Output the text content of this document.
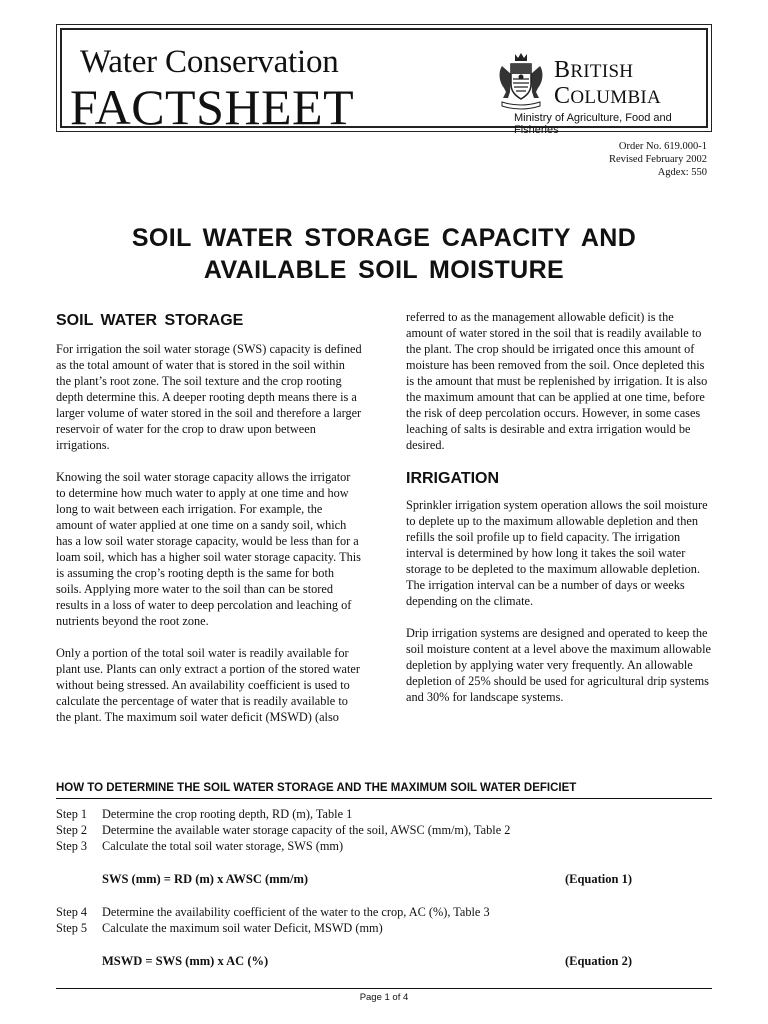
Water Conservation
FACTSHEET
BRITISH
COLUMBIA
Ministry of Agriculture, Food and Fisheries
Order No. 619.000-1
Revised February 2002
Agdex: 550
SOIL WATER STORAGE CAPACITY AND
AVAILABLE SOIL MOISTURE
SOIL WATER STORAGE

For irrigation the soil water storage (SWS) capacity is defined as the total amount of water that is stored in the soil within the plant’s root zone. The soil texture and the crop rooting depth determine this. A deeper rooting depth means there is a larger volume of water stored in the soil and therefore a larger reservoir of water for the crop to draw upon between irrigations.

Knowing the soil water storage capacity allows the irrigator to determine how much water to apply at one time and how long to wait between each irrigation. For example, the amount of water applied at one time on a sandy soil, which has a low soil water storage capacity, would be less than for a loam soil, which has a higher soil water storage capacity. This is assuming the crop’s rooting depth is the same for both soils. Applying more water to the soil than can be stored results in a loss of water to deep percolation and leaching of nutrients beyond the root zone.

Only a portion of the total soil water is readily available for plant use. Plants can only extract a portion of the stored water without being stressed. An availability coefficient is used to calculate the percentage of water that is readily available to the plant. The maximum soil water deficit (MSWD) (also

referred to as the management allowable deficit) is the amount of water stored in the soil that is readily available to the plant. The crop should be irrigated once this amount of moisture has been removed from the soil. Once depleted this is the amount that must be replenished by irrigation. It is also the maximum amount that can be applied at one time, before the risk of deep percolation occurs. However, in some cases leaching of salts is desirable and extra irrigation would be desired.

IRRIGATION

Sprinkler irrigation system operation allows the soil moisture to deplete up to the maximum allowable depletion and then refills the soil profile up to field capacity. The irrigation interval is determined by how long it takes the soil water storage to be depleted to the maximum allowable depletion. The irrigation interval can be a number of days or weeks depending on the climate.

Drip irrigation systems are designed and operated to keep the soil moisture content at a level above the maximum allowable depletion by applying water very frequently. An allowable depletion of 25% should be used for agricultural drip systems and 30% for landscape systems.

HOW TO DETERMINE THE SOIL WATER STORAGE AND THE MAXIMUM SOIL WATER DEFICIET
Step 1	Determine the crop rooting depth, RD (m), Table 1
Step 2	Determine the available water storage capacity of the soil, AWSC (mm/m), Table 2
Step 3	Calculate the total soil water storage, SWS (mm)
SWS (mm) = RD (m) x AWSC (mm/m)	(Equation 1)
Step 4	Determine the availability coefficient of the water to the crop, AC (%), Table 3
Step 5	Calculate the maximum soil water Deficit, MSWD (mm)
MSWD = SWS (mm) x AC (%)	(Equation 2)
Page 1 of 4
